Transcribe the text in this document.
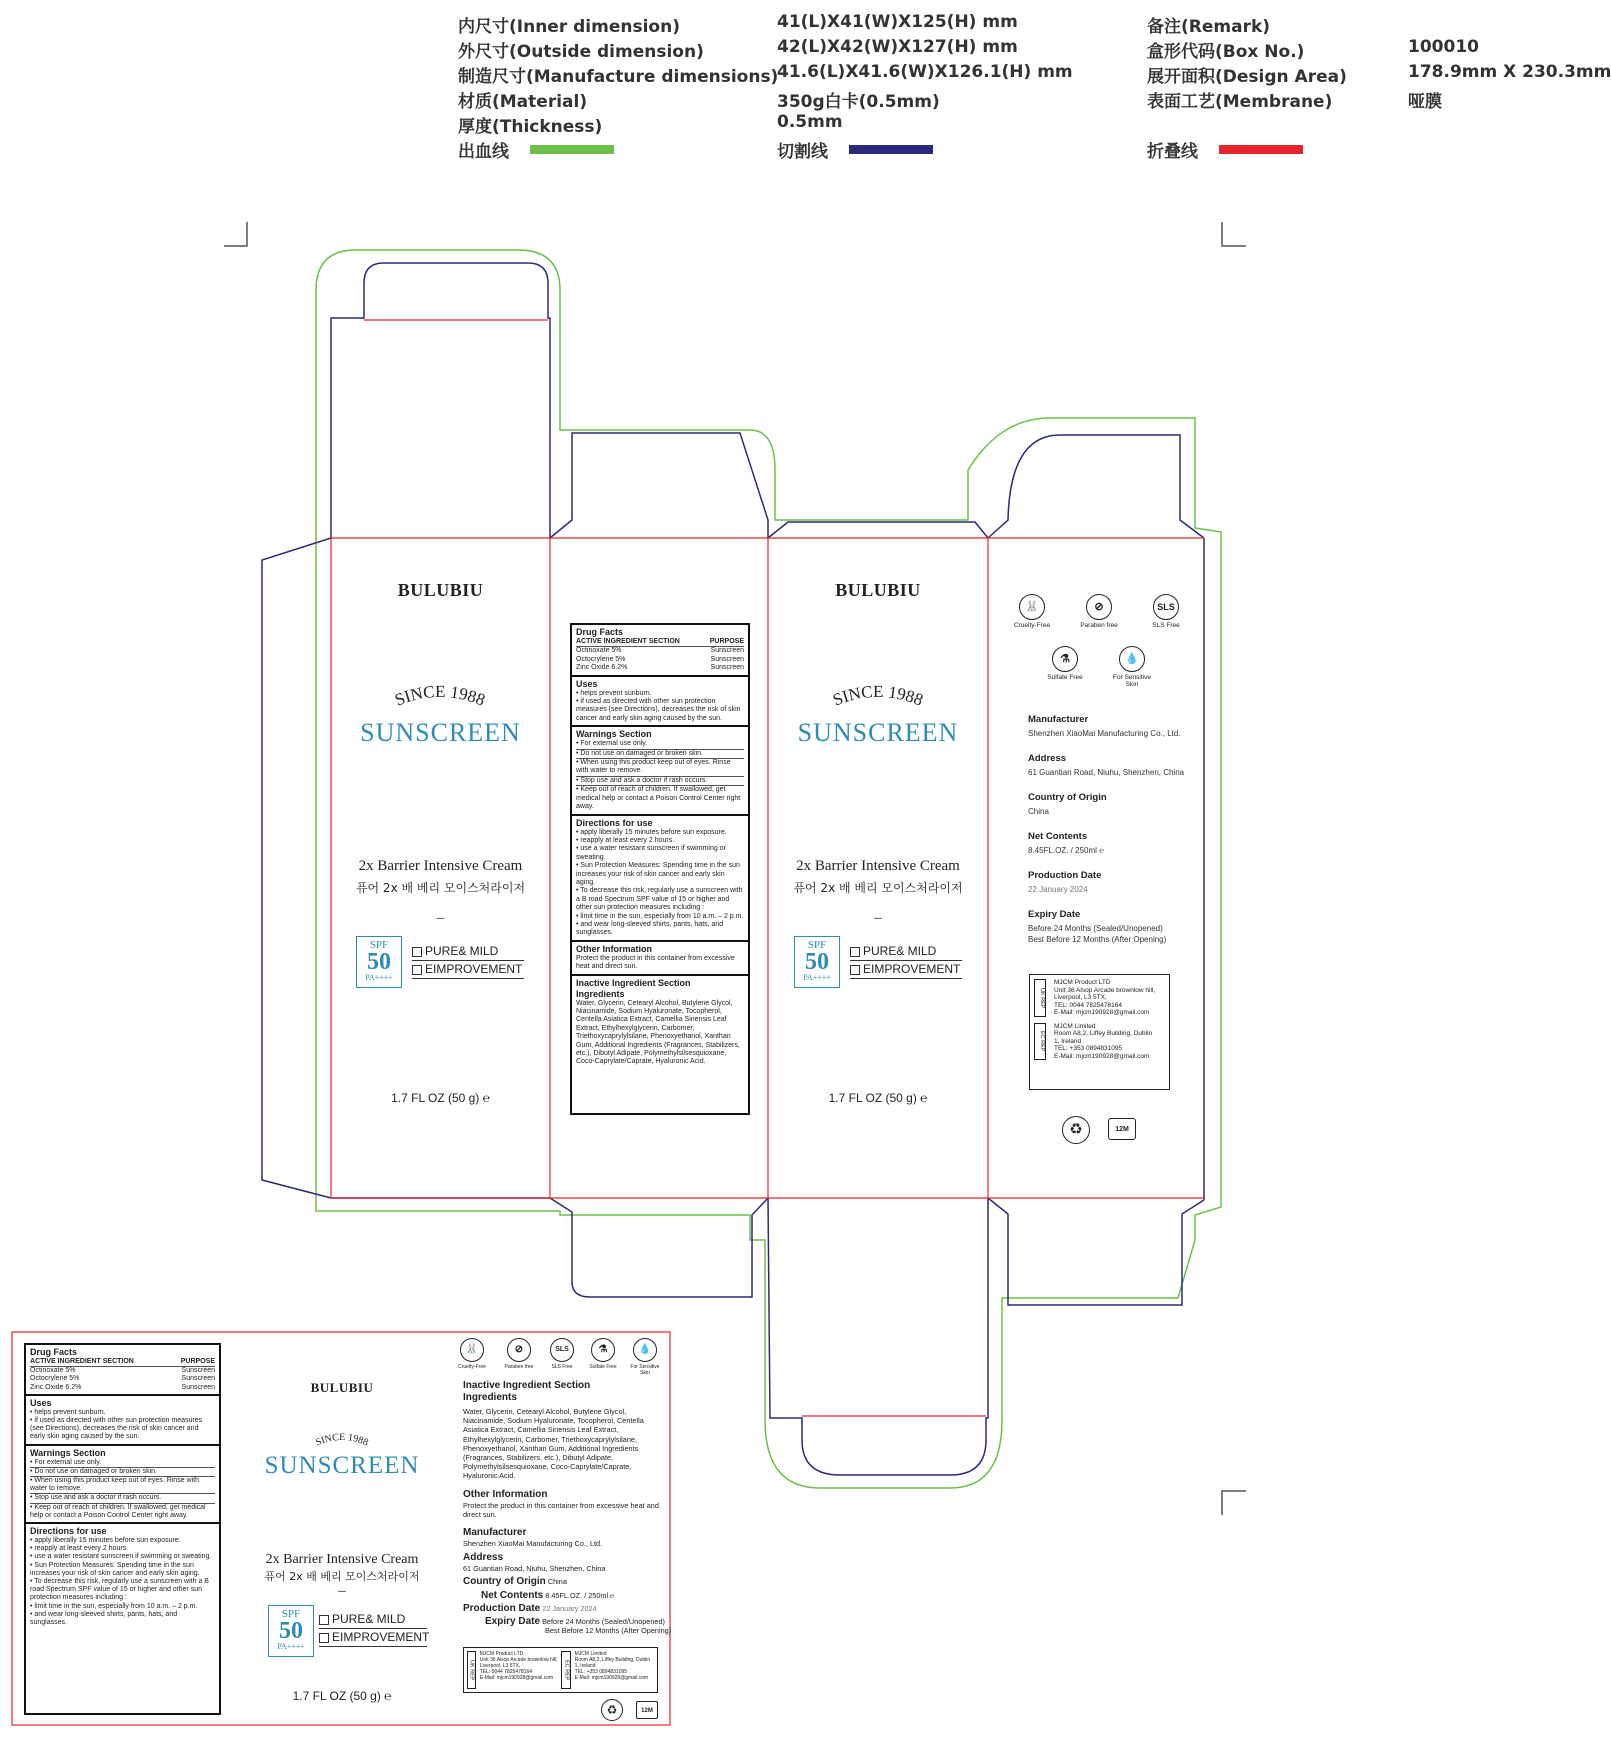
内尺寸(Inner dimension)	41(L)X41(W)X125(H) mm
外尺寸(Outside dimension)	42(L)X42(W)X127(H) mm
制造尺寸(Manufacture dimensions)
41.6(L)X41.6(W)X126.1(H) mm
材质(Material)	350g白卡(0.5mm)
厚度(Thickness)	0.5mm
出血线	切割线
备注(Remark)
盒形代码(Box No.)	100010
展开面积(Design Area)	178.9mm X 230.3mm
表面工艺(Membrane)	哑膜
折叠线
SINCE 1988	SINCE 1988
SINCE 1988
BULUBIU
SUNSCREEN
2x Barrier Intensive Cream
퓨어 2x 배 베리 모이스처라이저
–
SPF
50
PA++++
PURE& MILD
EIMPROVEMENT
1.7 FL OZ (50 g) ℮
BULUBIU
SUNSCREEN
2x Barrier Intensive Cream
퓨어 2x 배 베리 모이스처라이저
–
SPF
50
PA++++
PURE& MILD
EIMPROVEMENT
1.7 FL OZ (50 g) ℮
Drug Facts
ACTIVE INGREDIENT SECTION	PURPOSE
Octinoxate 5%	Sunscreen
Octocrylene 5%	Sunscreen
Zinc Oxide 6.2%	Sunscreen
Uses
• helps prevent sunburn.
• if used as directed with other sun protection measures (see Directions), decreases the risk of skin cancer and early skin aging caused by the sun.
Warnings Section
• For external use only.
• Do not use on damaged or broken skin.
• When using this product keep out of eyes. Rinse with water to remove.
• Stop use and ask a doctor if rash occurs.
• Keep out of reach of children. If swallowed, get medical help or contact a Poison Control Center right away.
Directions for use
• apply liberally 15 minutes before sun exposure.
• reapply at least every 2 hours.
• use a water resistant sunscreen if swimming or sweating.
• Sun Protection Measures: Spending time in the sun increases your risk of skin cancer and early skin aging.
• To decrease this risk, regularly use a sunscreen with a B road Spectrum SPF value of 15 or higher and other sun protection measures including :
• limit time in the sun, especially from 10 a.m. – 2 p.m.
• and wear long-sleeved shirts, pants, hats, and sunglasses.
Other Information
Protect the product in this container from excessive heat and direct sun.
Inactive Ingredient Section
Ingredients
Water, Glycerin, Cetearyl Alcohol, Butylene Glycol, Niacinamide, Sodium Hyaluronate, Tocopherol, Centella Asiatica Extract, Camellia Sinensis Leaf Extract, Ethylhexylglycerin, Carbomer, Triethoxycaprylylsilane, Phenoxyethanol, Xanthan Gum, Additional Ingredients (Fragrances, Stabilizers, etc.), Dibutyl Adipate, Polymethylsilsesquioxane, Coco-Caprylate/Caprate, Hyaluronic Acid.
🐰
Cruelty-Free
⊘
Paraben free
SLS
SLS Free
⚗
Sulfate Free
💧
For Sensitive Skin
Manufacturer
Shenzhen XiaoMai Manufacturing Co., Ltd.
Address
61 Guantian Road, Niuhu, Shenzhen, China
Country of Origin
China
Net Contents
8.45FL.OZ. / 250ml ℮
Production Date
22 January 2024
Expiry Date
Before 24 Months (Sealed/Unopened)
Best Before 12 Months (After Opening)
UK REP
MJCM Product LTD
Unit 36 Alsop Arcade brownlow hill, Liverpool, L3 5TX,
TEL: 0044 7825478164
E-Mail: mjcm190928@gmail.com
EC REP
MJCM Limited
Room A8,2, Liffey Building, Dublin 1, Ireland
TEL: +353 0894831095
E-Mail: mjcm190928@gmail.com
♻	12M
Drug Facts
ACTIVE INGREDIENT SECTION	PURPOSE
Octinoxate 5%	Sunscreen
Octocrylene 5%	Sunscreen
Zinc Oxide 6.2%	Sunscreen
Uses
• helps prevent sunburn.
• if used as directed with other sun protection measures (see Directions), decreases the risk of skin cancer and early skin aging caused by the sun.
Warnings Section
• For external use only.
• Do not use on damaged or broken skin.
• When using this product keep out of eyes. Rinse with water to remove.
• Stop use and ask a doctor if rash occurs.
• Keep out of reach of children. If swallowed, get medical help or contact a Poison Control Center right away.
Directions for use
• apply liberally 15 minutes before sun exposure.
• reapply at least every 2 hours.
• use a water resistant sunscreen if swimming or sweating.
• Sun Protection Measures: Spending time in the sun increases your risk of skin cancer and early skin aging.
• To decrease this risk, regularly use a sunscreen with a B road Spectrum SPF value of 15 or higher and other sun protection measures including :
• limit time in the sun, especially from 10 a.m. – 2 p.m.
• and wear long-sleeved shirts, pants, hats, and sunglasses.
BULUBIU
SUNSCREEN
2x Barrier Intensive Cream
퓨어 2x 배 베리 모이스처라이저
–
SPF
50
PA++++
PURE& MILD
EIMPROVEMENT
1.7 FL OZ (50 g) ℮
🐰
Cruelty-Free
⊘
Paraben free
SLS
SLS Free
⚗
Sulfate Free
💧
For Sensitive Skin
Inactive Ingredient Section
Ingredients
Water, Glycerin, Cetearyl Alcohol, Butylene Glycol, Niacinamide, Sodium Hyaluronate, Tocopherol, Centella Asiatica Extract, Camellia Sinensis Leaf Extract, Ethylhexylglycerin, Carbomer, Triethoxycaprylylsilane, Phenoxyethanol, Xanthan Gum, Additional Ingredients (Fragrances, Stabilizers, etc.), Dibutyl Adipate, Polymethylsilsesquioxane, Coco-Caprylate/Caprate, Hyaluronic Acid.
Other Information
Protect the product in this container from excessive heat and direct sun.
Manufacturer
Shenzhen XiaoMai Manufacturing Co., Ltd.
Address
61 Guantian Road, Niuhu, Shenzhen, China
Country of Origin China
Net Contents 8.45FL.OZ. / 250ml ℮
Production Date 22 January 2024
Expiry Date Before 24 Months (Sealed/Unopened)
Best Before 12 Months (After Opening)
UK REP
MJCM Product LTD
Unit 36 Alsop Arcade brownlow hill, Liverpool, L3 5TX,
TEL: 0044 7825478164
E-Mail: mjcm190928@gmail.com	EC REP
MJCM Limited
Room A8,2, Liffey Building, Dublin 1, Ireland
TEL: +353 0894831095
E-Mail: mjcm190928@gmail.com
♻	12M
